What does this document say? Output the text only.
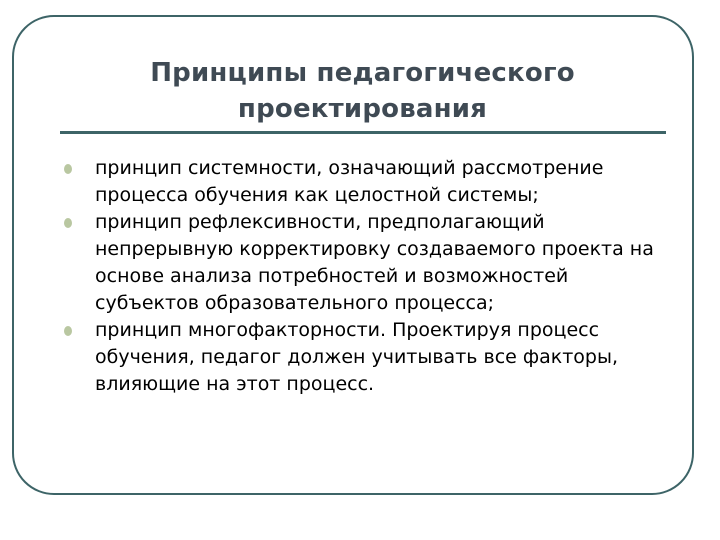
Принципы педагогического
проектирования
принцип системности, означающий рассмотрение процесса обучения как целостной системы;
принцип рефлексивности, предполагающий непрерывную корректировку создаваемого проекта на основе анализа потребностей и возможностей субъектов образовательного процесса;
принцип многофакторности. Проектируя процесс обучения, педагог должен учитывать все факторы, влияющие на этот процесс.
